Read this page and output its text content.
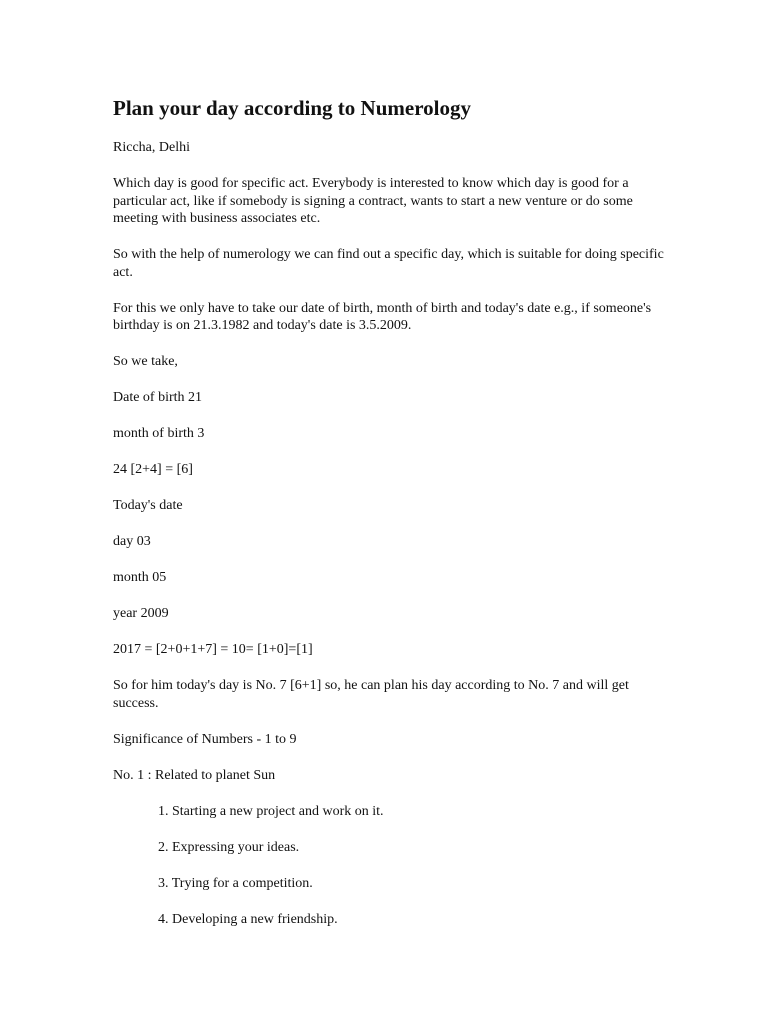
Plan your day according to Numerology

Riccha, Delhi

Which day is good for specific act. Everybody is interested to know which day is good for a particular act, like if somebody is signing a contract, wants to start a new venture or do some meeting with business associates etc.

So with the help of numerology we can find out a specific day, which is suitable for doing specific act.

For this we only have to take our date of birth, month of birth and today's date e.g., if someone's birthday is on 21.3.1982 and today's date is 3.5.2009.

So we take,

Date of birth 21

month of birth 3

24 [2+4] = [6]

Today's date

day 03

month 05

year 2009

2017 = [2+0+1+7] = 10= [1+0]=[1]

So for him today's day is No. 7 [6+1] so, he can plan his day according to No. 7 and will get success.

Significance of Numbers - 1 to 9

No. 1 : Related to planet Sun

1. Starting a new project and work on it.
2. Expressing your ideas.
3. Trying for a competition.
4. Developing a new friendship.
